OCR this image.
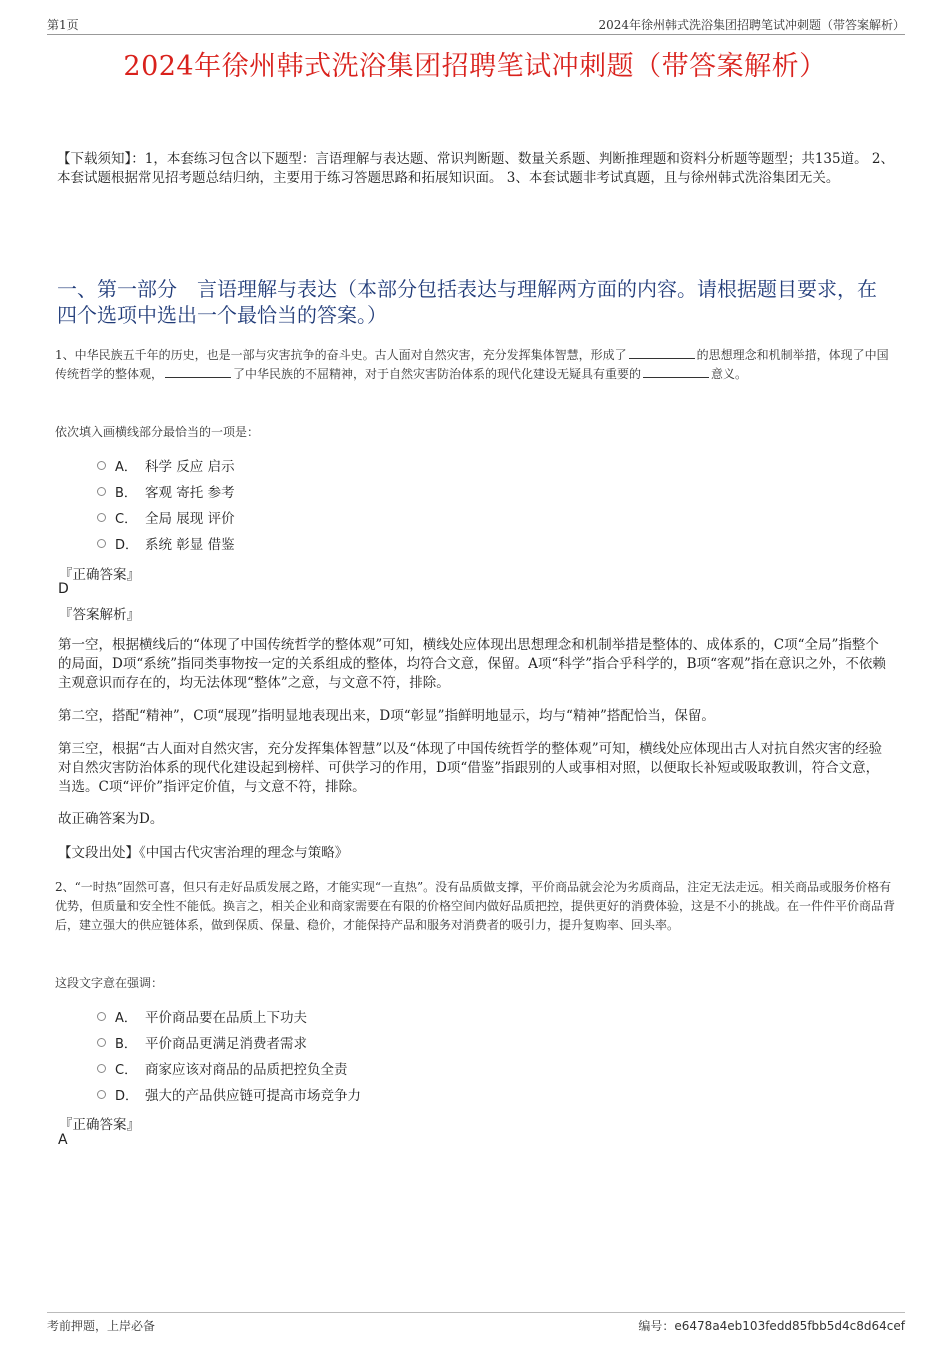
第1页	2024年徐州韩式洗浴集团招聘笔试冲刺题（带答案解析）
2024年徐州韩式洗浴集团招聘笔试冲刺题（带答案解析）
【下载须知】：1，本套练习包含以下题型：言语理解与表达题、常识判断题、数量关系题、判断推理题和资料分析题等题型；共135道。 2、本套试题根据常见招考题总结归纳，主要用于练习答题思路和拓展知识面。 3、本套试题非考试真题，且与徐州韩式洗浴集团无关。
一、第一部分　言语理解与表达（本部分包括表达与理解两方面的内容。请根据题目要求，在四个选项中选出一个最恰当的答案。）
1、中华民族五千年的历史，也是一部与灾害抗争的奋斗史。古人面对自然灾害，充分发挥集体智慧，形成了	的思想理念和机制举措，体现了中国传统哲学的整体观，	了中华民族的不屈精神，对于自然灾害防治体系的现代化建设无疑具有重要的	意义。
依次填入画横线部分最恰当的一项是：
A． 科学 反应 启示
B． 客观 寄托 参考
C． 全局 展现 评价
D． 系统 彰显 借鉴
『正确答案』
D
『答案解析』
第一空，根据横线后的“体现了中国传统哲学的整体观”可知，横线处应体现出思想理念和机制举措是整体的、成体系的，C项“全局”指整个的局面，D项“系统”指同类事物按一定的关系组成的整体，均符合文意，保留。A项“科学”指合乎科学的，B项“客观”指在意识之外，不依赖主观意识而存在的，均无法体现“整体”之意，与文意不符，排除。
第二空，搭配“精神”，C项“展现”指明显地表现出来，D项“彰显”指鲜明地显示，均与“精神”搭配恰当，保留。
第三空，根据“古人面对自然灾害，充分发挥集体智慧”以及“体现了中国传统哲学的整体观”可知，横线处应体现出古人对抗自然灾害的经验对自然灾害防治体系的现代化建设起到榜样、可供学习的作用，D项“借鉴”指跟别的人或事相对照，以便取长补短或吸取教训，符合文意，当选。C项“评价”指评定价值，与文意不符，排除。
故正确答案为D。
【文段出处】《中国古代灾害治理的理念与策略》
2、“一时热”固然可喜，但只有走好品质发展之路，才能实现“一直热”。没有品质做支撑，平价商品就会沦为劣质商品，注定无法走远。相关商品或服务价格有优势，但质量和安全性不能低。换言之，相关企业和商家需要在有限的价格空间内做好品质把控，提供更好的消费体验，这是不小的挑战。在一件件平价商品背后，建立强大的供应链体系，做到保质、保量、稳价，才能保持产品和服务对消费者的吸引力，提升复购率、回头率。
这段文字意在强调：
A． 平价商品要在品质上下功夫
B． 平价商品更满足消费者需求
C． 商家应该对商品的品质把控负全责
D． 强大的产品供应链可提高市场竞争力
『正确答案』
A
考前押题，上岸必备	编号：e6478a4eb103fedd85fbb5d4c8d64cef
